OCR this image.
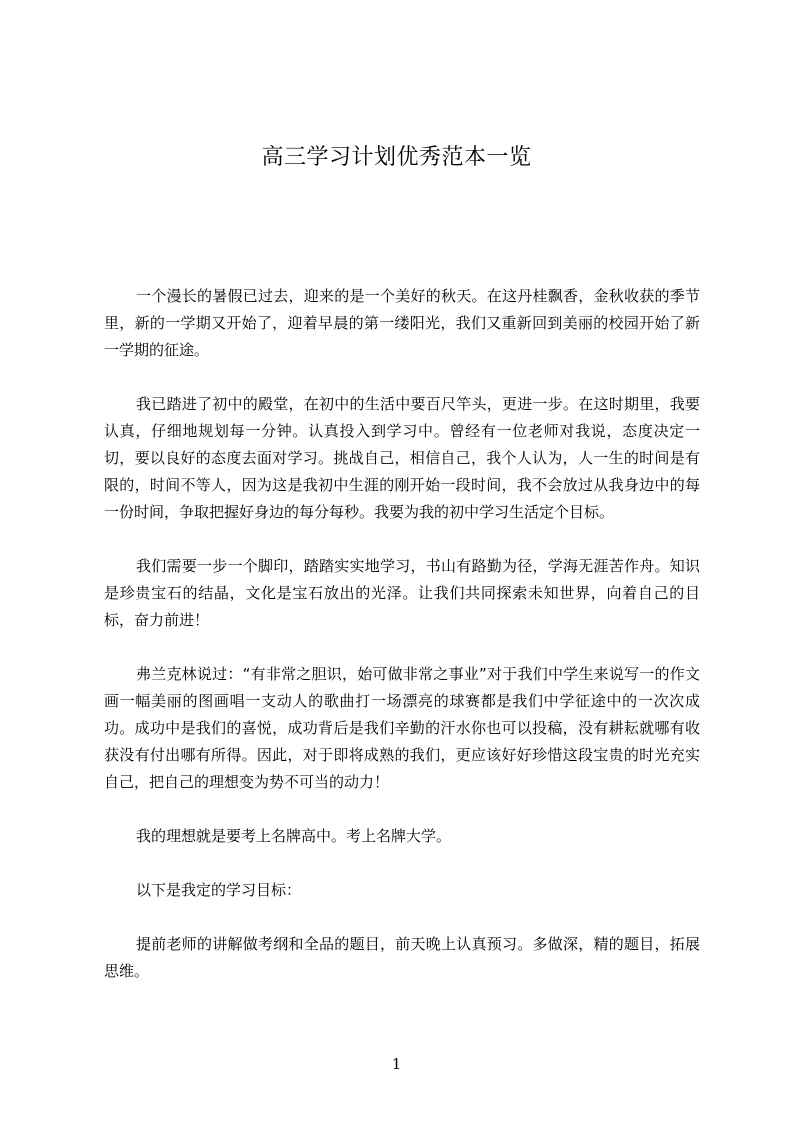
高三学习计划优秀范本一览

一个漫长的暑假已过去，迎来的是一个美好的秋天。在这丹桂飘香，金秋收获的季节里，新的一学期又开始了，迎着早晨的第一缕阳光，我们又重新回到美丽的校园开始了新一学期的征途。

我已踏进了初中的殿堂，在初中的生活中要百尺竿头，更进一步。在这时期里，我要认真，仔细地规划每一分钟。认真投入到学习中。曾经有一位老师对我说，态度决定一切，要以良好的态度去面对学习。挑战自己，相信自己，我个人认为，人一生的时间是有限的，时间不等人，因为这是我初中生涯的刚开始一段时间，我不会放过从我身边中的每一份时间，争取把握好身边的每分每秒。我要为我的初中学习生活定个目标。

我们需要一步一个脚印，踏踏实实地学习，书山有路勤为径，学海无涯苦作舟。知识是珍贵宝石的结晶，文化是宝石放出的光泽。让我们共同探索未知世界，向着自己的目标，奋力前进！

弗兰克林说过：“有非常之胆识，始可做非常之事业”对于我们中学生来说写一的作文画一幅美丽的图画唱一支动人的歌曲打一场漂亮的球赛都是我们中学征途中的一次次成功。成功中是我们的喜悦，成功背后是我们辛勤的汗水你也可以投稿，没有耕耘就哪有收获没有付出哪有所得。因此，对于即将成熟的我们，更应该好好珍惜这段宝贵的时光充实自己，把自己的理想变为势不可当的动力！

我的理想就是要考上名牌高中。考上名牌大学。

以下是我定的学习目标：

提前老师的讲解做考纲和全品的题目，前天晚上认真预习。多做深，精的题目，拓展思维。

1
